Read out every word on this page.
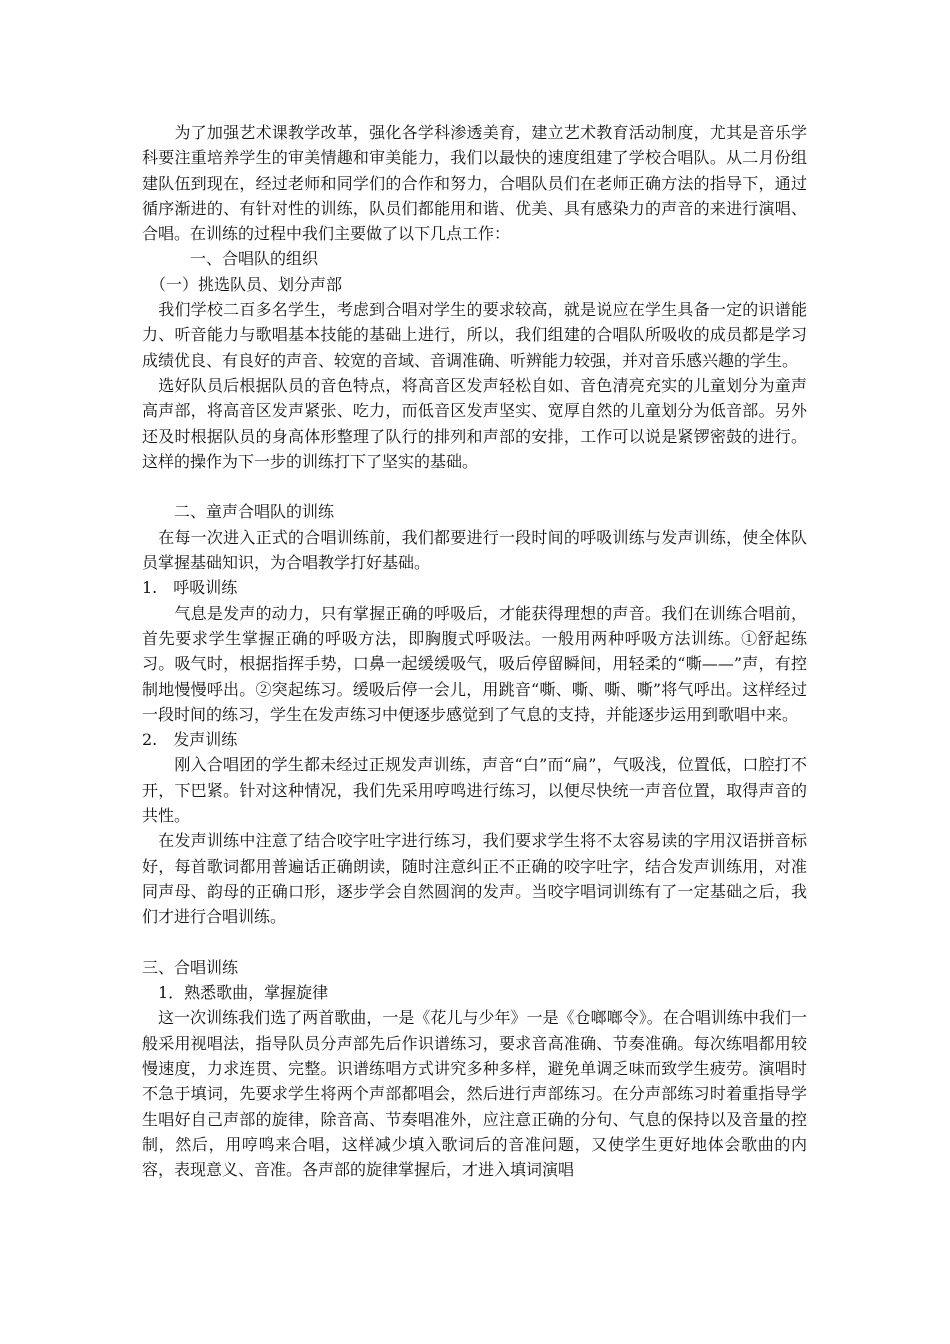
　　为了加强艺术课教学改革，强化各学科渗透美育，建立艺术教育活动制度，尤其是音乐学科要注重培养学生的审美情趣和审美能力，我们以最快的速度组建了学校合唱队。从二月份组建队伍到现在，经过老师和同学们的合作和努力，合唱队员们在老师正确方法的指导下，通过循序渐进的、有针对性的训练，队员们都能用和谐、优美、具有感染力的声音的来进行演唱、合唱。在训练的过程中我们主要做了以下几点工作：

　　　一、合唱队的组织

　（一）挑选队员、划分声部

　我们学校二百多名学生，考虑到合唱对学生的要求较高，就是说应在学生具备一定的识谱能力、听音能力与歌唱基本技能的基础上进行，所以，我们组建的合唱队所吸收的成员都是学习成绩优良、有良好的声音、较宽的音域、音调准确、听辨能力较强，并对音乐感兴趣的学生。

　选好队员后根据队员的音色特点，将高音区发声轻松自如、音色清亮充实的儿童划分为童声高声部，将高音区发声紧张、吃力，而低音区发声坚实、宽厚自然的儿童划分为低音部。另外还及时根据队员的身高体形整理了队行的排列和声部的安排，工作可以说是紧锣密鼓的进行。这样的操作为下一步的训练打下了坚实的基础。

　　二、童声合唱队的训练

　在每一次进入正式的合唱训练前，我们都要进行一段时间的呼吸训练与发声训练，使全体队员掌握基础知识，为合唱教学打好基础。

1.　呼吸训练

　　气息是发声的动力，只有掌握正确的呼吸后，才能获得理想的声音。我们在训练合唱前，首先要求学生掌握正确的呼吸方法，即胸腹式呼吸法。一般用两种呼吸方法训练。①舒起练习。吸气时，根据指挥手势，口鼻一起缓缓吸气，吸后停留瞬间，用轻柔的“嘶——”声，有控制地慢慢呼出。②突起练习。缓吸后停一会儿，用跳音“嘶、嘶、嘶、嘶”将气呼出。这样经过一段时间的练习，学生在发声练习中便逐步感觉到了气息的支持，并能逐步运用到歌唱中来。

2.　发声训练

　　刚入合唱团的学生都未经过正规发声训练，声音“白”而“扁”，气吸浅，位置低，口腔打不开，下巴紧。针对这种情况，我们先采用哼鸣进行练习，以便尽快统一声音位置，取得声音的共性。

　在发声训练中注意了结合咬字吐字进行练习，我们要求学生将不太容易读的字用汉语拼音标好，每首歌词都用普遍话正确朗读，随时注意纠正不正确的咬字吐字，结合发声训练用，对准同声母、韵母的正确口形，逐步学会自然圆润的发声。当咬字唱词训练有了一定基础之后，我们才进行合唱训练。

三、合唱训练

　1．熟悉歌曲，掌握旋律

　这一次训练我们选了两首歌曲，一是《花儿与少年》一是《仓啷啷令》。在合唱训练中我们一般采用视唱法，指导队员分声部先后作识谱练习，要求音高准确、节奏准确。每次练唱都用较慢速度，力求连贯、完整。识谱练唱方式讲究多种多样，避免单调乏味而致学生疲劳。演唱时不急于填词，先要求学生将两个声部都唱会，然后进行声部练习。在分声部练习时着重指导学生唱好自己声部的旋律，除音高、节奏唱准外，应注意正确的分句、气息的保持以及音量的控制，然后，用哼鸣来合唱，这样减少填入歌词后的音准问题，又使学生更好地体会歌曲的内容，表现意义、音准。各声部的旋律掌握后，才进入填词演唱
